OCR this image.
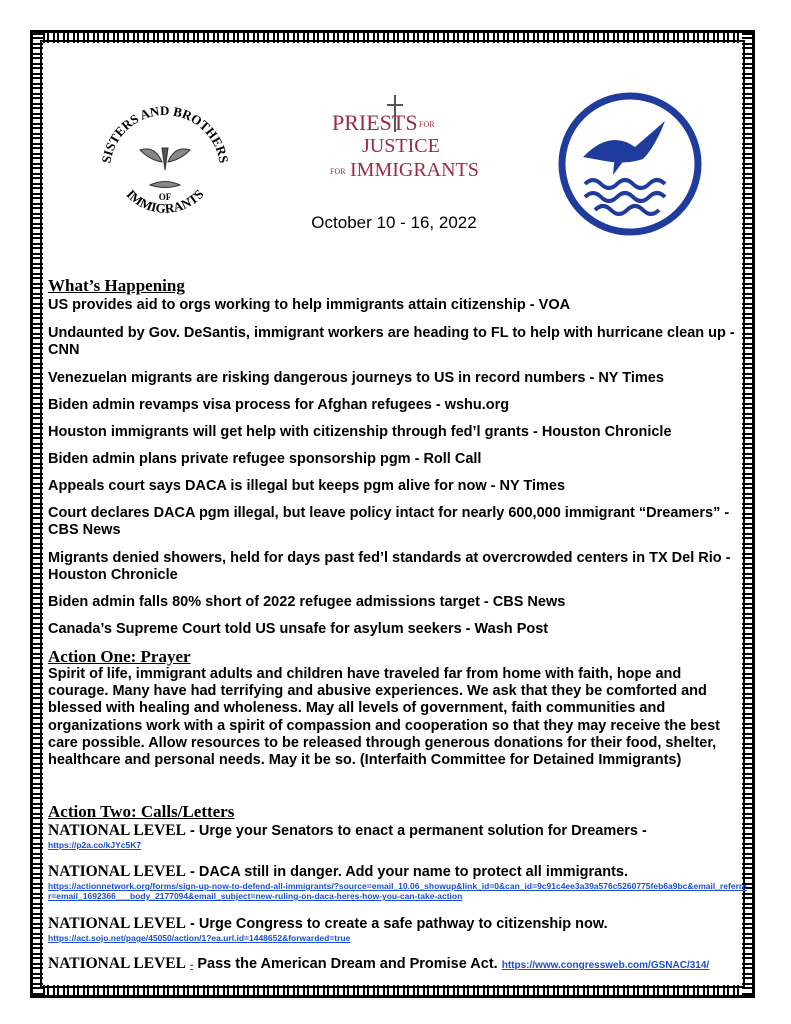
SISTERS AND BROTHERS
IMMIGRANTS
OF
PRIESTS FOR
JUSTICE
FOR IMMIGRANTS
October 10 - 16, 2022
What’s Happening
US provides aid to orgs working to help immigrants attain citizenship - VOA
Undaunted by Gov. DeSantis, immigrant workers are heading to FL to help with hurricane clean up - CNN
Venezuelan migrants are risking dangerous journeys to US in record numbers - NY Times
Biden admin revamps visa process for Afghan refugees - wshu.org
Houston immigrants will get help with citizenship through fed’l grants - Houston Chronicle
Biden admin plans private refugee sponsorship pgm - Roll Call
Appeals court says DACA is illegal but keeps pgm alive for now - NY Times
Court declares DACA pgm illegal, but leave policy intact for nearly 600,000 immigrant “Dreamers” - CBS News
Migrants denied showers, held for days past fed’l standards at overcrowded centers in TX Del Rio - Houston Chronicle
Biden admin falls 80% short of 2022 refugee admissions target - CBS News
Canada’s Supreme Court told US unsafe for asylum seekers - Wash Post
Action One: Prayer
Spirit of life, immigrant adults and children have traveled far from home with faith, hope and courage. Many have had terrifying and abusive experiences. We ask that they be comforted and blessed with healing and wholeness. May all levels of government, faith communities and organizations work with a spirit of compassion and cooperation so that they may receive the best care possible. Allow resources to be released through generous donations for their food, shelter, healthcare and personal needs. May it be so. (Interfaith Committee for Detained Immigrants)
Action Two: Calls/Letters
NATIONAL LEVEL - Urge your Senators to enact a permanent solution for Dreamers -
https://p2a.co/kJYc5K7
NATIONAL LEVEL - DACA still in danger. Add your name to protect all immigrants.
https://actionnetwork.org/forms/sign-up-now-to-defend-all-immigrants/?source=email_10.06_showup&link_id=0&can_id=9c91c4ee3a39a576c5260775feb6a9bc&email_referrer=email_1692366___body_2177094&email_subject=new-ruling-on-daca-heres-how-you-can-take-action
NATIONAL LEVEL - Urge Congress to create a safe pathway to citizenship now.
https://act.sojo.net/page/45050/action/1?ea.url.id=1448652&forwarded=true
NATIONAL LEVEL - Pass the American Dream and Promise Act. https://www.congressweb.com/GSNAC/314/
